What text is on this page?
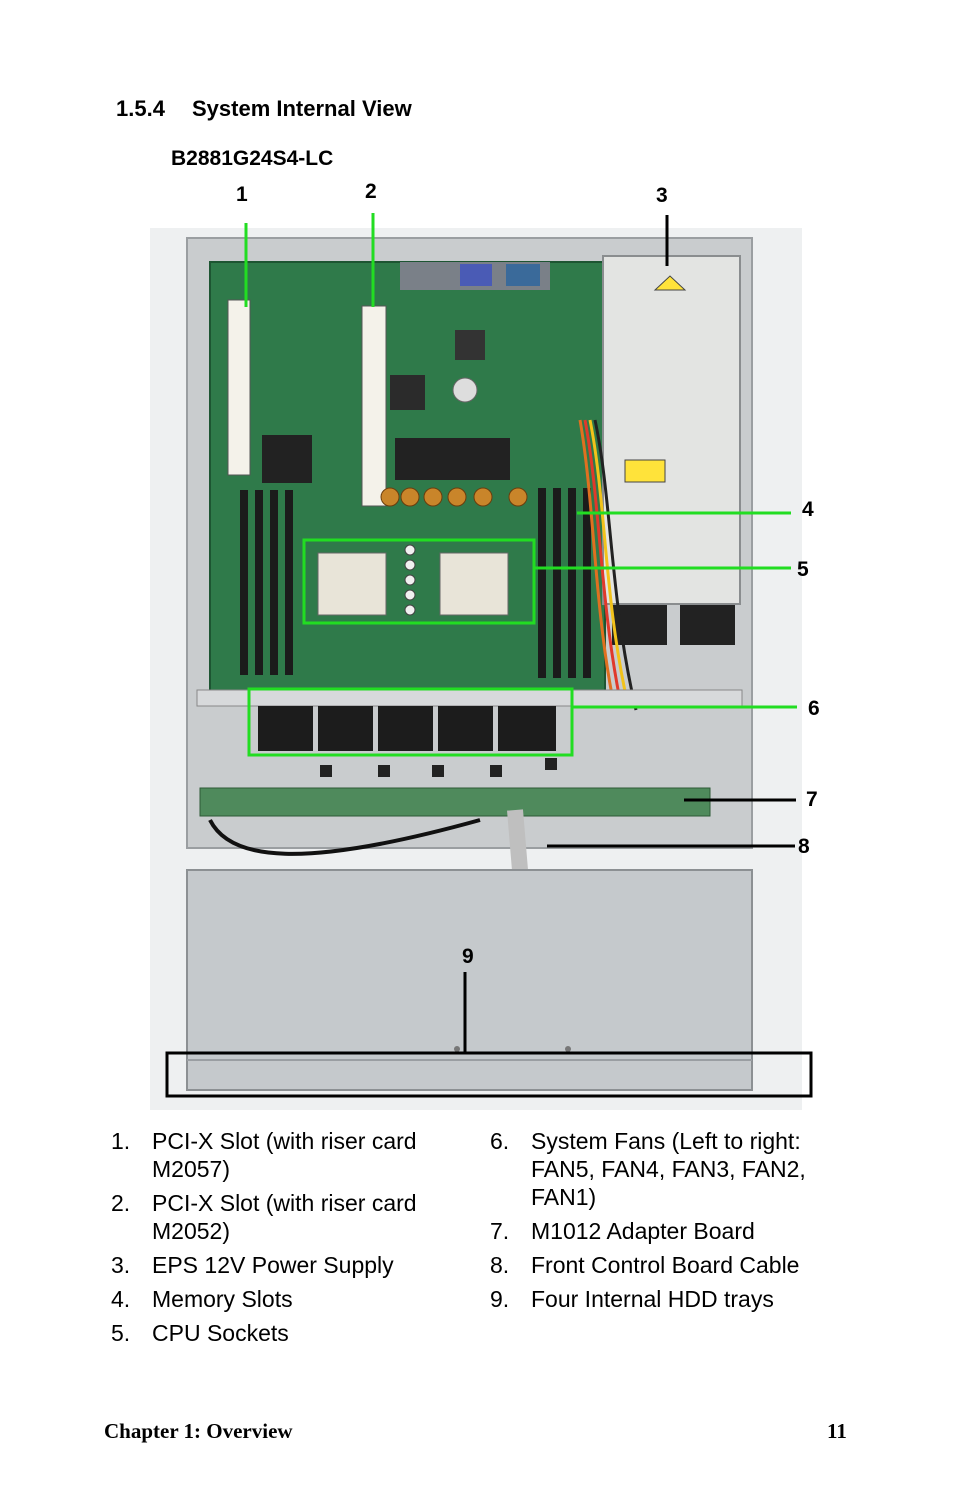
1.5.4 System Internal View
B2881G24S4-LC
1	2	3
4
5
6
7
8
9
1. PCI-X Slot (with riser card M2057)
2. PCI-X Slot (with riser card M2052)
3. EPS 12V Power Supply
4. Memory Slots
5. CPU Sockets
6. System Fans (Left to right: FAN5, FAN4, FAN3, FAN2, FAN1)
7. M1012 Adapter Board
8. Front Control Board Cable
9. Four Internal HDD trays
Chapter 1: Overview	11
